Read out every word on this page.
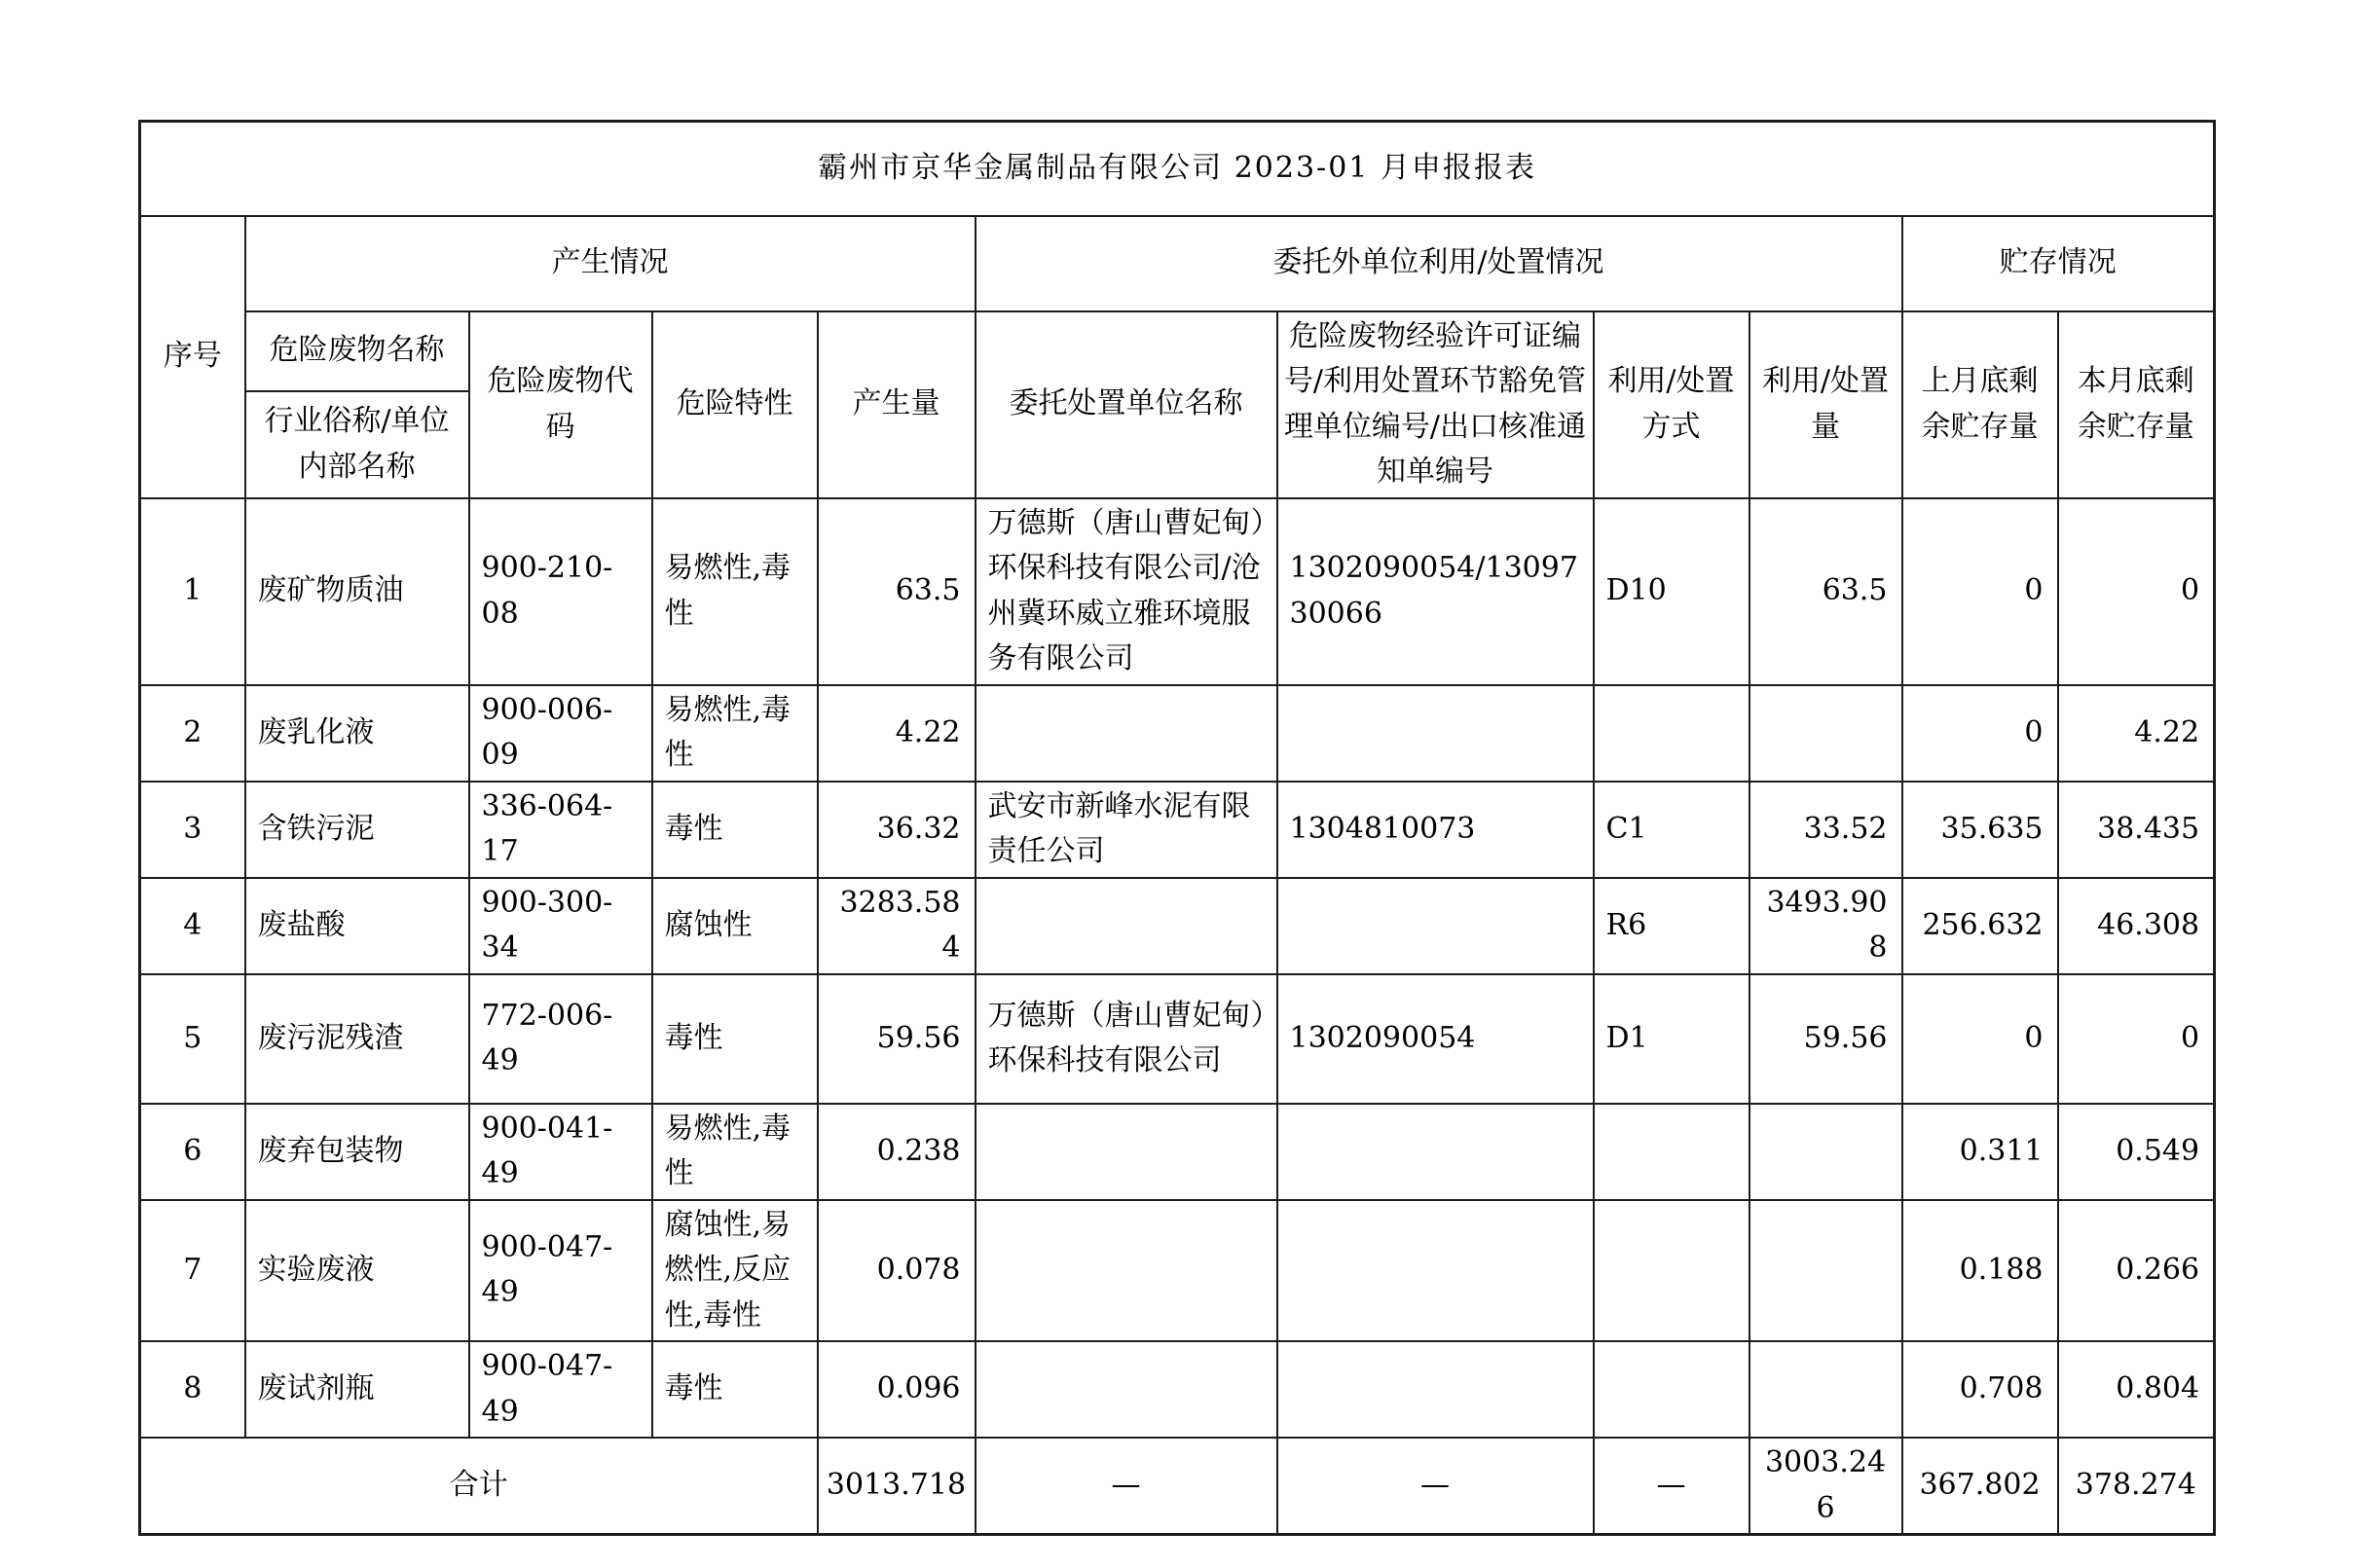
霸州市京华金属制品有限公司 2023-01 月申报报表										
序号	产生情况				委托外单位利用/处置情况				贮存情况	
	危险废物名称	危险废物代码	危险特性	产生量	委托处置单位名称	危险废物经验许可证编号/利用处置环节豁免管理单位编号/出口核准通知单编号	利用/处置方式	利用/处置量	上月底剩余贮存量	本月底剩余贮存量
	行业俗称/单位内部名称									
1	废矿物质油	900-210-08	易燃性,毒性	63.5	万德斯（唐山曹妃甸）环保科技有限公司/沧州冀环威立雅环境服务有限公司	1302090054/1309730066	D10	63.5	0	0
2	废乳化液	900-006-09	易燃性,毒性	4.22					0	4.22
3	含铁污泥	336-064-17	毒性	36.32	武安市新峰水泥有限责任公司	1304810073	C1	33.52	35.635	38.435
4	废盐酸	900-300-34	腐蚀性	3283.584			R6	3493.908	256.632	46.308
5	废污泥残渣	772-006-49	毒性	59.56	万德斯（唐山曹妃甸）环保科技有限公司	1302090054	D1	59.56	0	0
6	废弃包装物	900-041-49	易燃性,毒性	0.238					0.311	0.549
7	实验废液	900-047-49	腐蚀性,易燃性,反应性,毒性	0.078					0.188	0.266
8	废试剂瓶	900-047-49	毒性	0.096					0.708	0.804
合计				3013.718	—	—	—	3003.246	367.802	378.274
